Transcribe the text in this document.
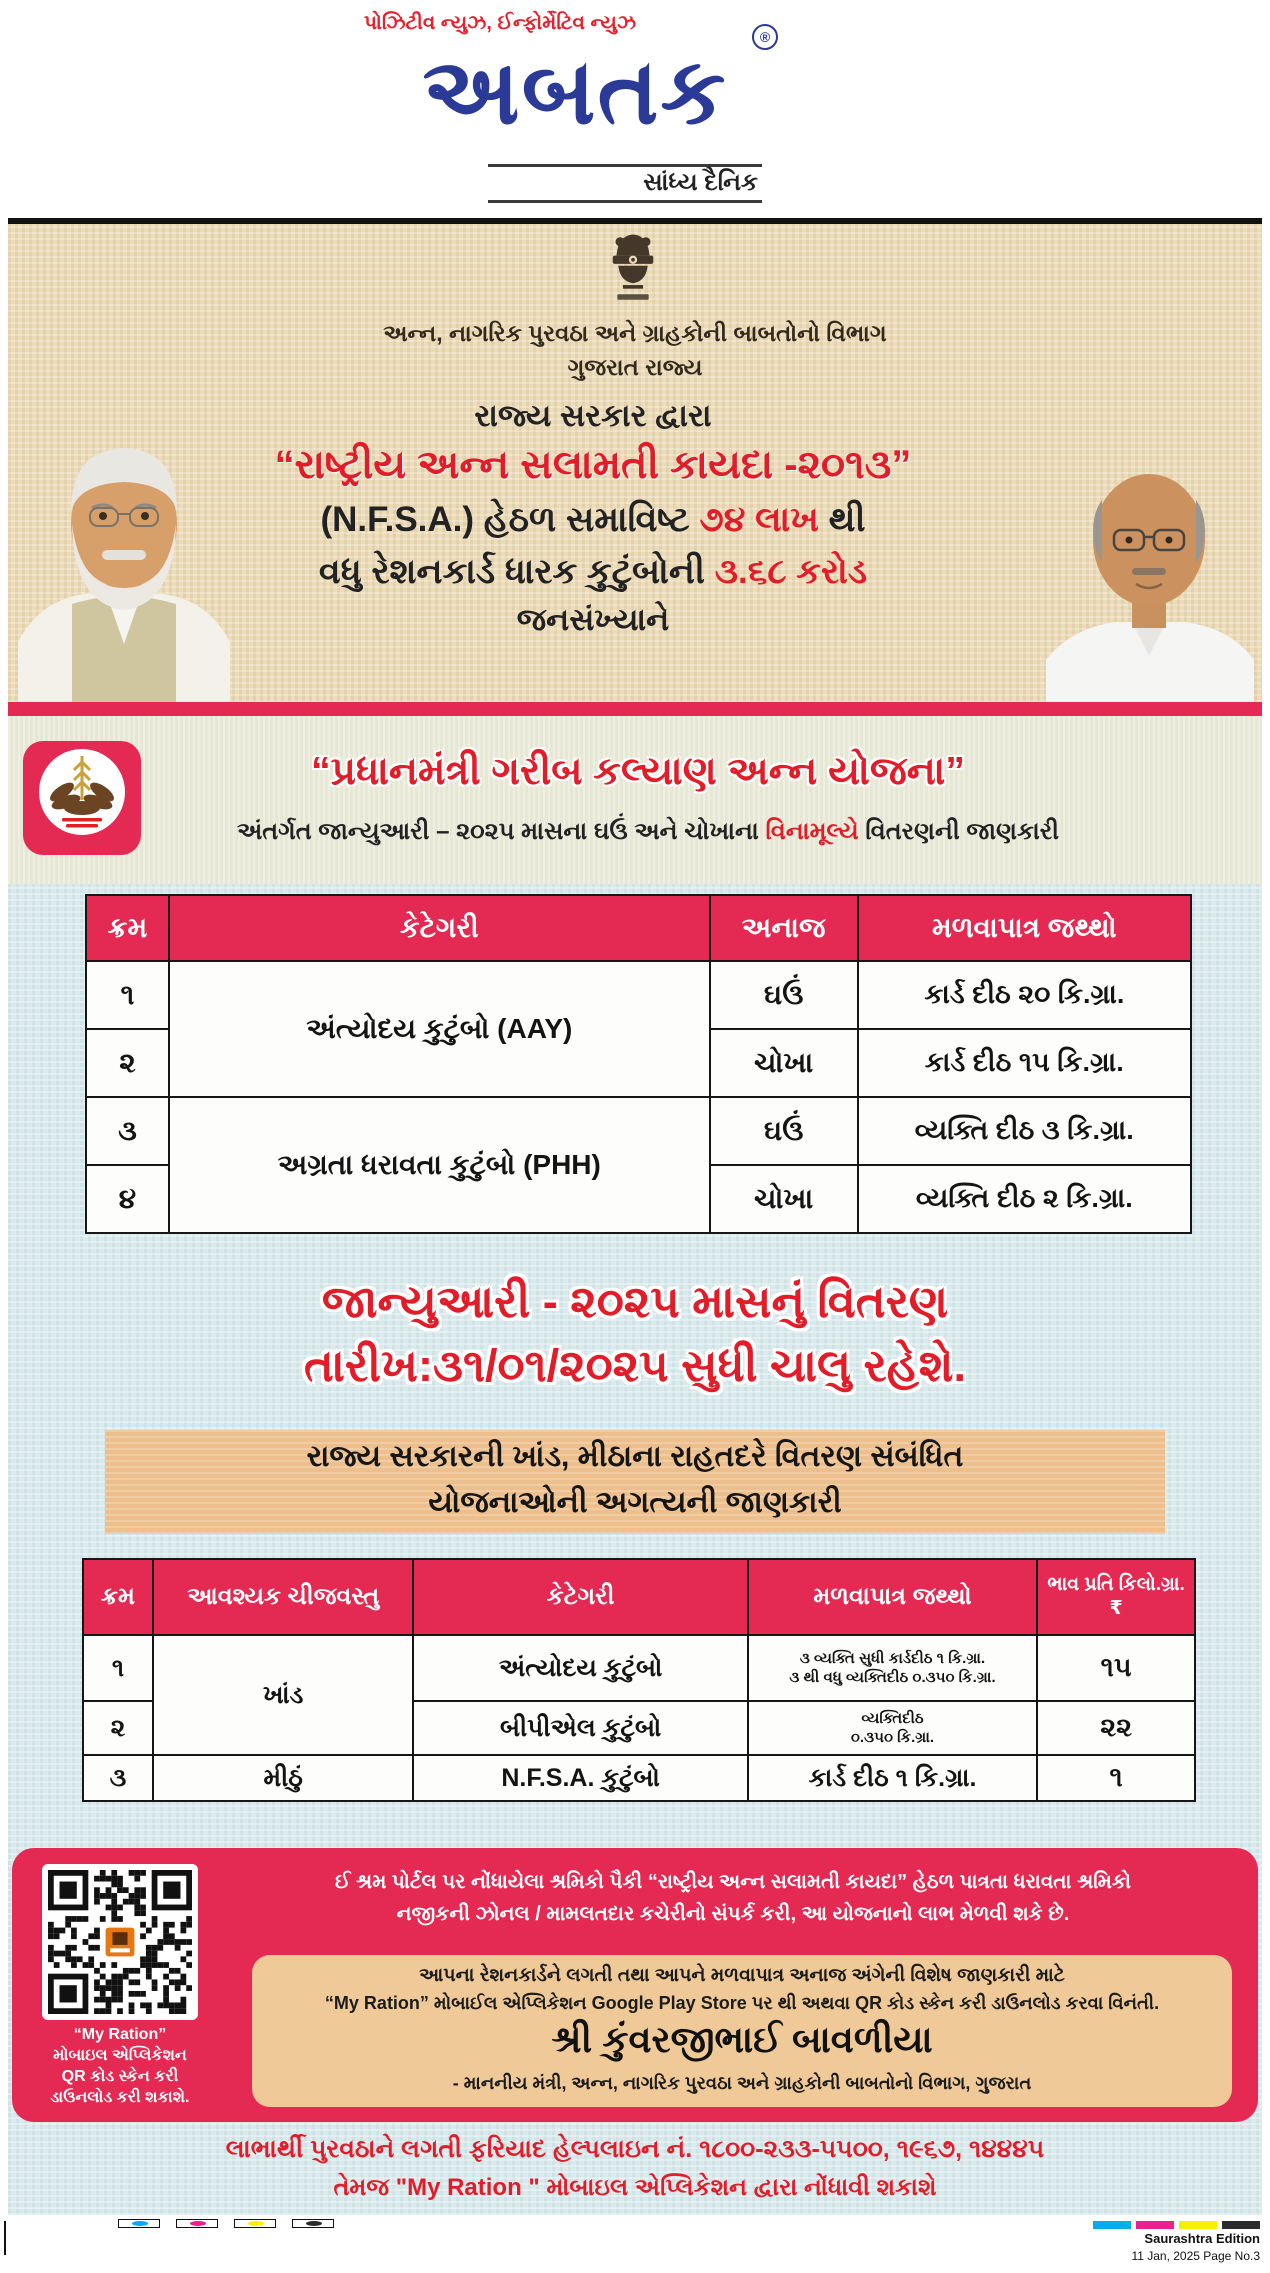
પોઝિટીવ ન્યુઝ, ઈન્ફોર્મેટિવ ન્યુઝ
અબતક
®
સાંધ્ય દૈનિક
અન્ન, નાગરિક પુરવઠા અને ગ્રાહકોની બાબતોનો વિભાગ
ગુજરાત રાજ્ય
રાજ્ય સરકાર દ્વારા
“રાષ્ટ્રીય અન્ન સલામતી કાયદા -૨૦૧૩”
(N.F.S.A.) હેઠળ સમાવિષ્ટ ૭૪ લાખ થી
વધુ રેશનકાર્ડ ધારક કુટુંબોની ૩.૬૮ કરોડ
જનસંખ્યાને
“પ્રધાનમંત્રી ગરીબ કલ્યાણ અન્ન યોજના”
અંતર્ગત જાન્યુઆરી – ૨૦૨૫ માસના ઘઉં અને ચોખાના વિનામૂલ્યે વિતરણની જાણકારી
ક્રમ	કેટેગરી	અનાજ	મળવાપાત્ર જથ્થો
૧	અંત્યોદય કુટુંબો (AAY)	ઘઉં	કાર્ડ દીઠ ૨૦ કિ.ગ્રા.
૨		ચોખા	કાર્ડ દીઠ ૧૫ કિ.ગ્રા.
૩	અગ્રતા ધરાવતા કુટુંબો (PHH)	ઘઉં	વ્યક્તિ દીઠ ૩ કિ.ગ્રા.
૪		ચોખા	વ્યક્તિ દીઠ ૨ કિ.ગ્રા.
જાન્યુઆરી - ૨૦૨૫ માસનું વિતરણ
તારીખ:૩૧/૦૧/૨૦૨૫ સુધી ચાલુ રહેશે.
રાજ્ય સરકારની ખાંડ, મીઠાના રાહતદરે વિતરણ સંબંધિત
યોજનાઓની અગત્યની જાણકારી
ક્રમ	આવશ્યક ચીજવસ્તુ	કેટેગરી	મળવાપાત્ર જથ્થો	ભાવ પ્રતિ કિલો.ગ્રા.₹
૧	ખાંડ	અંત્યોદય કુટુંબો	૩ વ્યક્તિ સુધી કાર્ડદીઠ ૧ કિ.ગ્રા.
૩ થી વધુ વ્યક્તિદીઠ ૦.૩૫૦ કિ.ગ્રા.	૧૫
૨		બીપીએલ કુટુંબો	વ્યક્તિદીઠ
૦.૩૫૦ કિ.ગ્રા.	૨૨
૩	મીઠું	N.F.S.A. કુટુંબો	કાર્ડ દીઠ ૧ કિ.ગ્રા.	૧
“My Ration”
મોબાઇલ એપ્લિકેશન
QR કોડ સ્કેન કરી
ડાઉનલોડ કરી શકાશે.
ઈ શ્રમ પોર્ટલ પર નોંધાયેલા શ્રમિકો પૈકી “રાષ્ટ્રીય અન્ન સલામતી કાયદા” હેઠળ પાત્રતા ધરાવતા શ્રમિકો
નજીકની ઝોનલ / મામલતદાર કચેરીનો સંપર્ક કરી, આ યોજનાનો લાભ મેળવી શકે છે.
આપના રેશનકાર્ડને લગતી તથા આપને મળવાપાત્ર અનાજ અંગેની વિશેષ જાણકારી માટે
“My Ration” મોબાઈલ એપ્લિકેશન Google Play Store પર થી અથવા QR કોડ સ્કેન કરી ડાઉનલોડ કરવા વિનંતી.
શ્રી કુંવરજીભાઈ બાવળીયા
- માનનીય મંત્રી, અન્ન, નાગરિક પુરવઠા અને ગ્રાહકોની બાબતોનો વિભાગ, ગુજરાત
લાભાર્થી પુરવઠાને લગતી ફરિયાદ હેલ્પલાઇન નં. ૧૮૦૦-૨૩૩-૫૫૦૦, ૧૯૬૭, ૧૪૪૪૫
તેમજ "My Ration " મોબાઇલ એપ્લિકેશન દ્વારા નોંધાવી શકાશે
Saurashtra Edition
11 Jan, 2025 Page No.3
